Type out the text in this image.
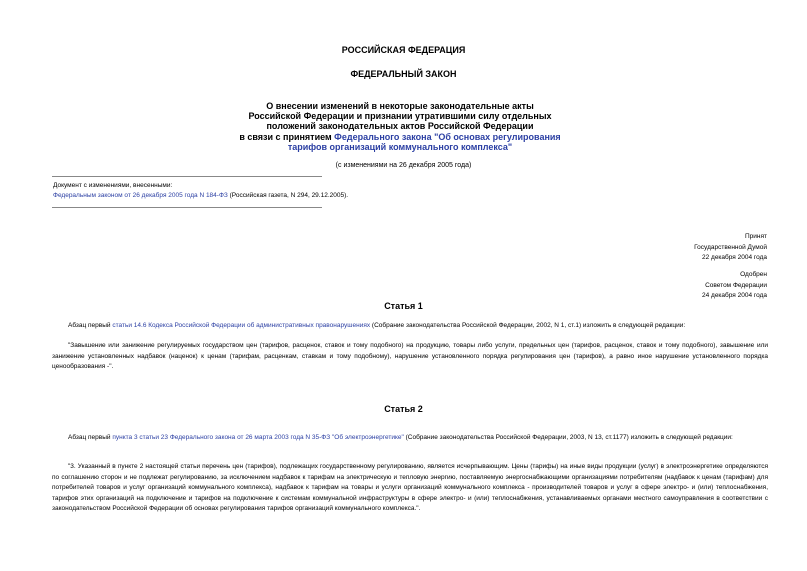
РОССИЙСКАЯ ФЕДЕРАЦИЯ
ФЕДЕРАЛЬНЫЙ ЗАКОН
О внесении изменений в некоторые законодательные акты
Российской Федерации и признании утратившими силу отдельных
положений законодательных актов Российской Федерации
в связи с принятием Федерального закона "Об основах регулирования
тарифов организаций коммунального комплекса"
(с изменениями на 26 декабря 2005 года)
Документ с изменениями, внесенными:
Федеральным законом от 26 декабря 2005 года N 184-ФЗ (Российская газета, N 294, 29.12.2005).
Принят
Государственной Думой
22 декабря 2004 года
Одобрен
Советом Федерации
24 декабря 2004 года
Статья 1
Абзац первый статьи 14.6 Кодекса Российской Федерации об административных правонарушениях (Собрание законодательства Российской Федерации, 2002, N 1, ст.1) изложить в следующей редакции:
"Завышение или занижение регулируемых государством цен (тарифов, расценок, ставок и тому подобного) на продукцию, товары либо услуги, предельных цен (тарифов, расценок, ставок и тому подобного), завышение или занижение установленных надбавок (наценок) к ценам (тарифам, расценкам, ставкам и тому подобному), нарушение установленного порядка регулирования цен (тарифов), а равно иное нарушение установленного порядка ценообразования -".
Статья 2
Абзац первый пункта 3 статьи 23 Федерального закона от 26 марта 2003 года N 35-ФЗ "Об электроэнергетике" (Собрание законодательства Российской Федерации, 2003, N 13, ст.1177) изложить в следующей редакции:
"3. Указанный в пункте 2 настоящей статьи перечень цен (тарифов), подлежащих государственному регулированию, является исчерпывающим. Цены (тарифы) на иные виды продукции (услуг) в электроэнергетике определяются по соглашению сторон и не подлежат регулированию, за исключением надбавок к тарифам на электрическую и тепловую энергию, поставляемую энергоснабжающими организациями потребителям (надбавок к ценам (тарифам) для потребителей товаров и услуг организаций коммунального комплекса), надбавок к тарифам на товары и услуги организаций коммунального комплекса - производителей товаров и услуг в сфере электро- и (или) теплоснабжения, тарифов этих организаций на подключение и тарифов на подключение к системам коммунальной инфраструктуры в сфере электро- и (или) теплоснабжения, устанавливаемых органами местного самоуправления в соответствии с законодательством Российской Федерации об основах регулирования тарифов организаций коммунального комплекса.".
